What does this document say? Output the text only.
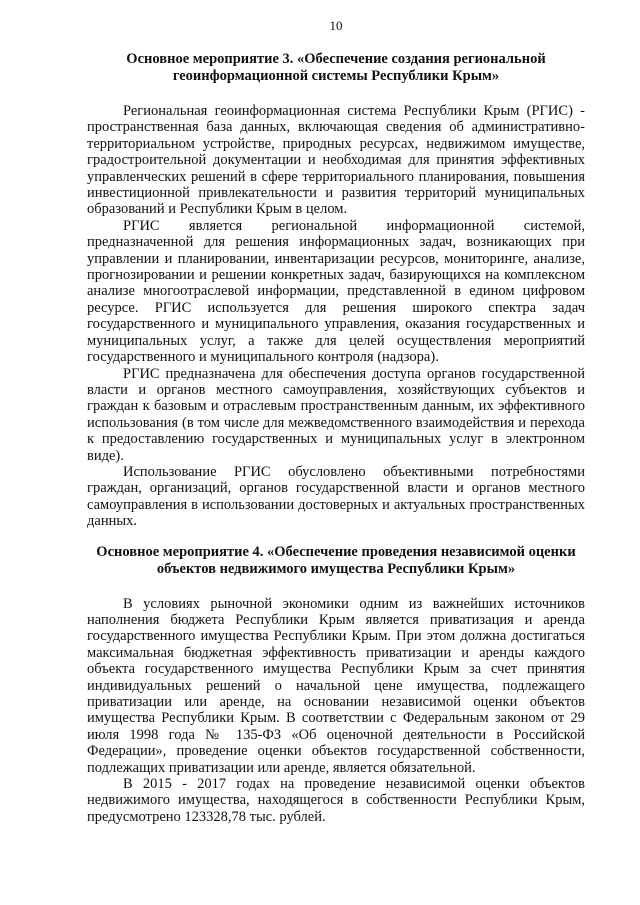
10
Основное мероприятие 3. «Обеспечение создания региональной
геоинформационной системы Республики Крым»

Региональная геоинформационная система Республики Крым (РГИС) - пространственная база данных, включающая сведения об административно-территориальном устройстве, природных ресурсах, недвижимом имуществе, градостроительной документации и необходимая для принятия эффективных управленческих решений в сфере территориального планирования, повышения инвестиционной привлекательности и развития территорий муниципальных образований и Республики Крым в целом.

РГИС является региональной информационной системой, предназначенной для решения информационных задач, возникающих при управлении и планировании, инвентаризации ресурсов, мониторинге, анализе, прогнозировании и решении конкретных задач, базирующихся на комплексном анализе многоотраслевой информации, представленной в едином цифровом ресурсе. РГИС используется для решения широкого спектра задач государственного и муниципального управления, оказания государственных и муниципальных услуг, а также для целей осуществления мероприятий государственного и муниципального контроля (надзора).

РГИС предназначена для обеспечения доступа органов государственной власти и органов местного самоуправления, хозяйствующих субъектов и граждан к базовым и отраслевым пространственным данным, их эффективного использования (в том числе для межведомственного взаимодействия и перехода к предоставлению государственных и муниципальных услуг в электронном виде).

Использование РГИС обусловлено объективными потребностями граждан, организаций, органов государственной власти и органов местного самоуправления в использовании достоверных и актуальных пространственных данных.

Основное мероприятие 4. «Обеспечение проведения независимой оценки
объектов недвижимого имущества Республики Крым»

В условиях рыночной экономики одним из важнейших источников наполнения бюджета Республики Крым является приватизация и аренда государственного имущества Республики Крым. При этом должна достигаться максимальная бюджетная эффективность приватизации и аренды каждого объекта государственного имущества Республики Крым за счет принятия индивидуальных решений о начальной цене имущества, подлежащего приватизации или аренде, на основании независимой оценки объектов имущества Республики Крым. В соответствии с Федеральным законом от 29 июля 1998 года № 135-ФЗ «Об оценочной деятельности в Российской Федерации», проведение оценки объектов государственной собственности, подлежащих приватизации или аренде, является обязательной.

В 2015 - 2017 годах на проведение независимой оценки объектов недвижимого имущества, находящегося в собственности Республики Крым, предусмотрено 123328,78 тыс. рублей.
